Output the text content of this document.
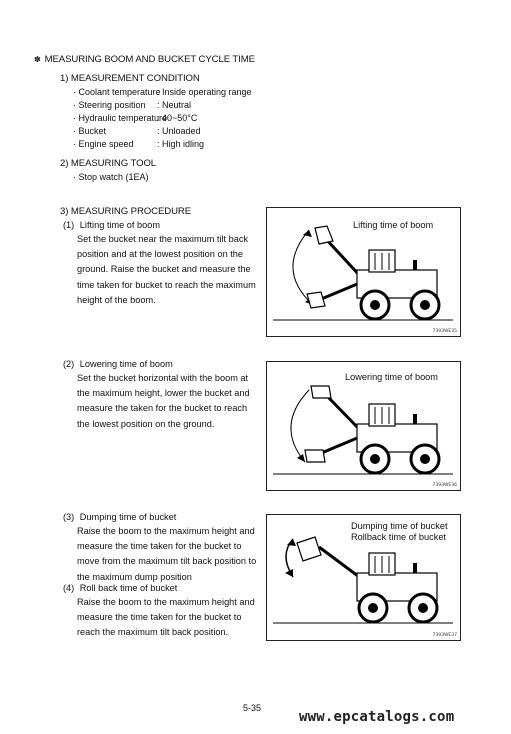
✽ MEASURING BOOM AND BUCKET CYCLE TIME
1) MEASUREMENT CONDITION
· Coolant temperature
: Inside operating range
· Steering position : Neutral
· Hydraulic temperature
: 40~50°C
· Bucket	: Unloaded
· Engine speed	: High idling
2) MEASURING TOOL
· Stop watch (1EA)
3) MEASURING PROCEDURE
(1) Lifting time of boom
Set the bucket near the maximum tilt back position and at the lowest position on the ground. Raise the bucket and measure the time taken for bucket to reach the maximum height of the boom.
(2) Lowering time of boom
Set the bucket horizontal with the boom at the maximum height, lower the bucket and measure the taken for the bucket to reach the lowest position on the ground.
(3) Dumping time of bucket
Raise the boom to the maximum height and measure the time taken for the bucket to move from the maximum tilt back position to the maximum dump position
(4) Roll back time of bucket
Raise the boom to the maximum height and measure the time taken for the bucket to reach the maximum tilt back position.
Lifting time of boom
7393WE35
Lowering time of boom
7393WE36
Dumping time of bucket
Rollback time of bucket
7393WE37
5-35
www.epcatalogs.com
